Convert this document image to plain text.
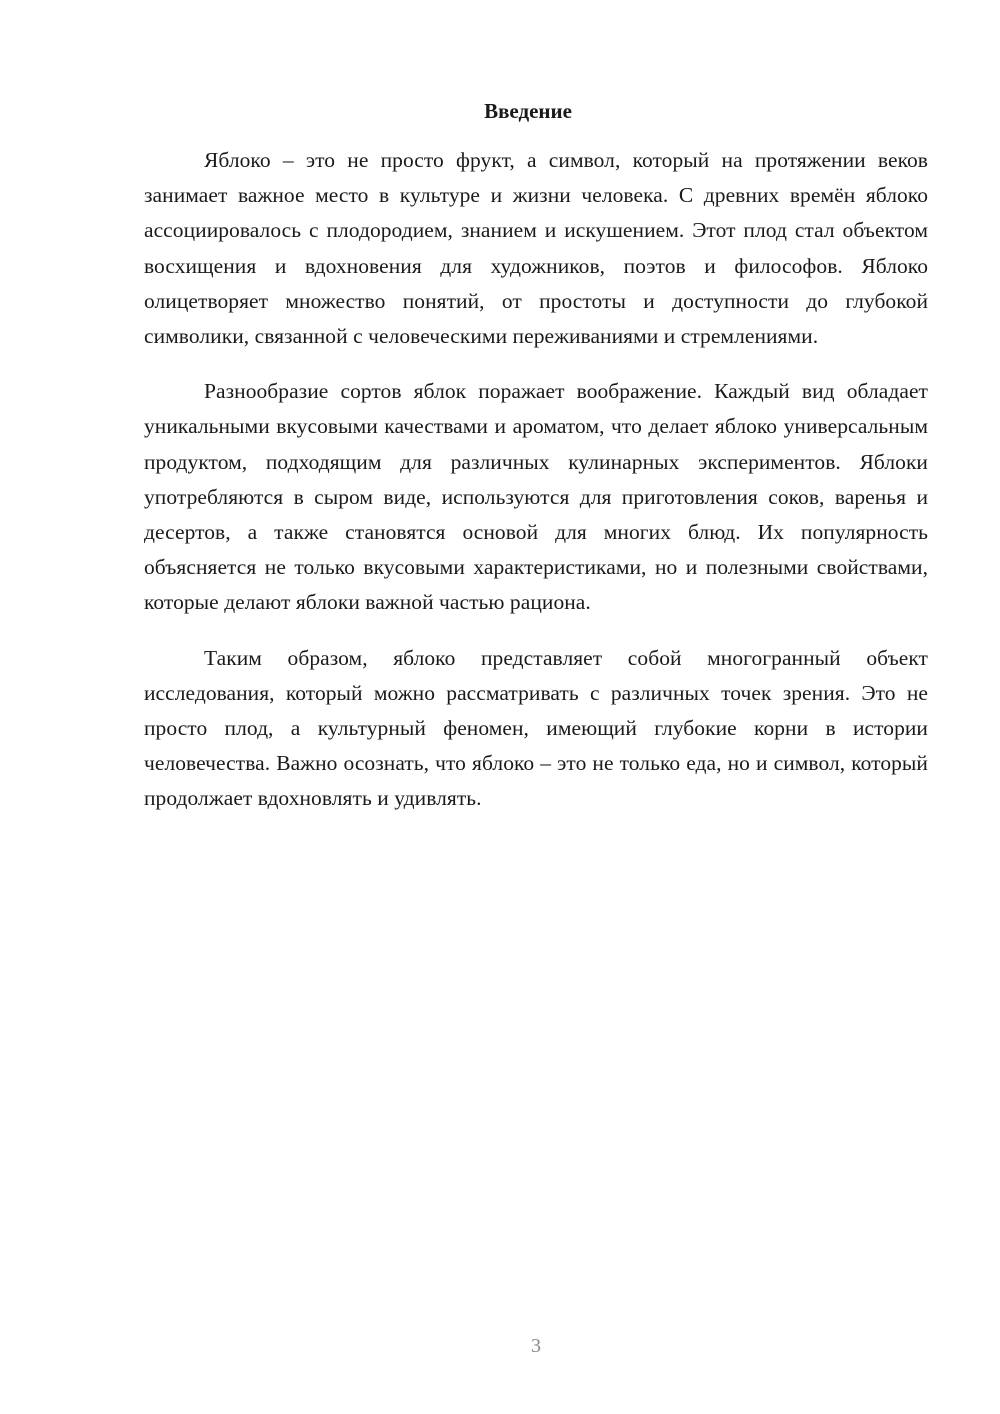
Введение

Яблоко – это не просто фрукт, а символ, который на протяжении веков занимает важное место в культуре и жизни человека. С древних времён яблоко ассоциировалось с плодородием, знанием и искушением. Этот плод стал объектом восхищения и вдохновения для художников, поэтов и философов. Яблоко олицетворяет множество понятий, от простоты и доступности до глубокой символики, связанной с человеческими переживаниями и стремлениями.

Разнообразие сортов яблок поражает воображение. Каждый вид обладает уникальными вкусовыми качествами и ароматом, что делает яблоко универсальным продуктом, подходящим для различных кулинарных экспериментов. Яблоки употребляются в сыром виде, используются для приготовления соков, варенья и десертов, а также становятся основой для многих блюд. Их популярность объясняется не только вкусовыми характеристиками, но и полезными свойствами, которые делают яблоки важной частью рациона.

Таким образом, яблоко представляет собой многогранный объект исследования, который можно рассматривать с различных точек зрения. Это не просто плод, а культурный феномен, имеющий глубокие корни в истории человечества. Важно осознать, что яблоко – это не только еда, но и символ, который продолжает вдохновлять и удивлять.

3
